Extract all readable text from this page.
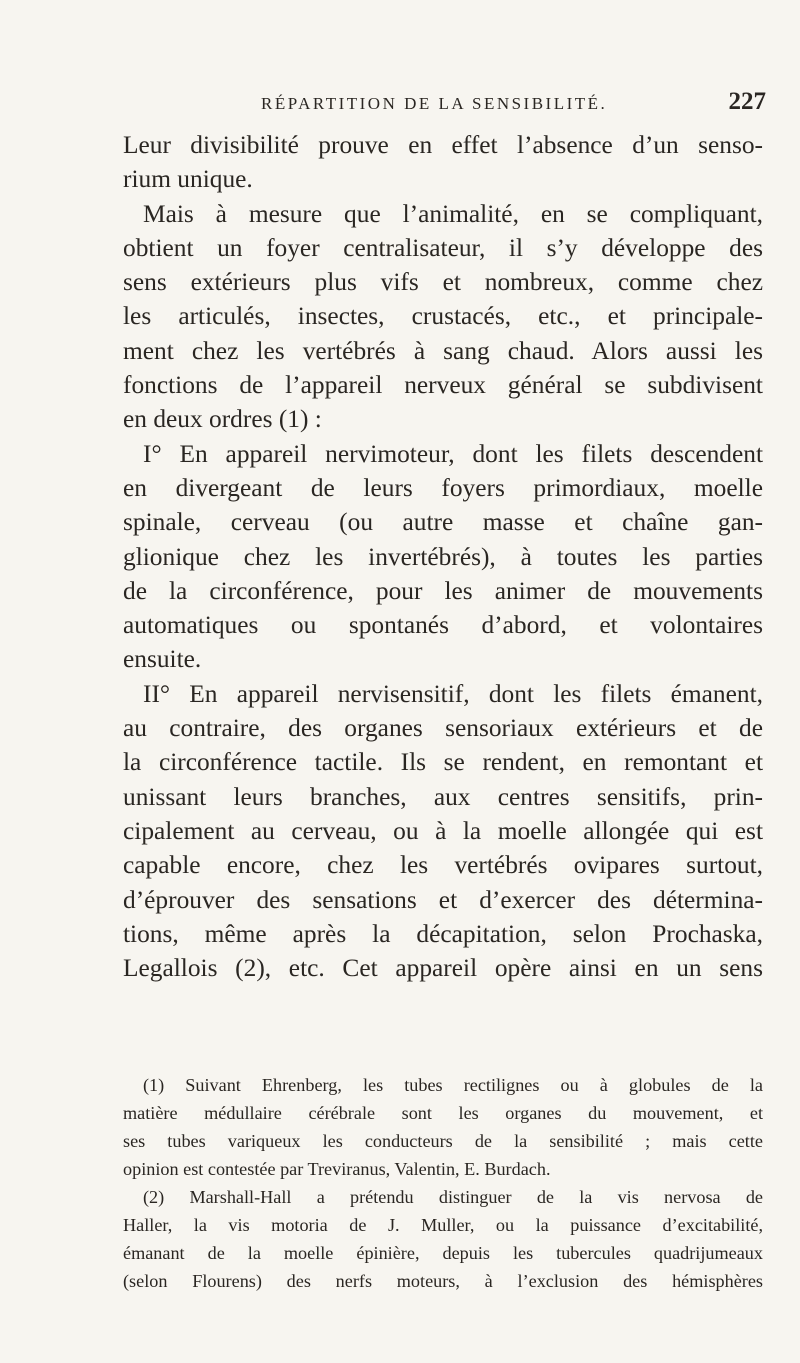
RÉPARTITION DE LA SENSIBILITÉ.	227
Leur divisibilité prouve en effet l’absence d’un senso-
rium unique.
Mais à mesure que l’animalité, en se compliquant,
obtient un foyer centralisateur, il s’y développe des
sens extérieurs plus vifs et nombreux, comme chez
les articulés, insectes, crustacés, etc., et principale-
ment chez les vertébrés à sang chaud. Alors aussi les
fonctions de l’appareil nerveux général se subdivisent
en deux ordres (1) :
I° En appareil nervimoteur, dont les filets descendent
en divergeant de leurs foyers primordiaux, moelle
spinale, cerveau (ou autre masse et chaîne gan-
glionique chez les invertébrés), à toutes les parties
de la circonférence, pour les animer de mouvements
automatiques ou spontanés d’abord, et volontaires
ensuite.
II° En appareil nervisensitif, dont les filets émanent,
au contraire, des organes sensoriaux extérieurs et de
la circonférence tactile. Ils se rendent, en remontant et
unissant leurs branches, aux centres sensitifs, prin-
cipalement au cerveau, ou à la moelle allongée qui est
capable encore, chez les vertébrés ovipares surtout,
d’éprouver des sensations et d’exercer des détermina-
tions, même après la décapitation, selon Prochaska,
Legallois (2), etc. Cet appareil opère ainsi en un sens
(1) Suivant Ehrenberg, les tubes rectilignes ou à globules de la
matière médullaire cérébrale sont les organes du mouvement, et
ses tubes variqueux les conducteurs de la sensibilité ; mais cette
opinion est contestée par Treviranus, Valentin, E. Burdach.
(2) Marshall-Hall a prétendu distinguer de la vis nervosa de
Haller, la vis motoria de J. Muller, ou la puissance d’excitabilité,
émanant de la moelle épinière, depuis les tubercules quadrijumeaux
(selon Flourens) des nerfs moteurs, à l’exclusion des hémisphères
